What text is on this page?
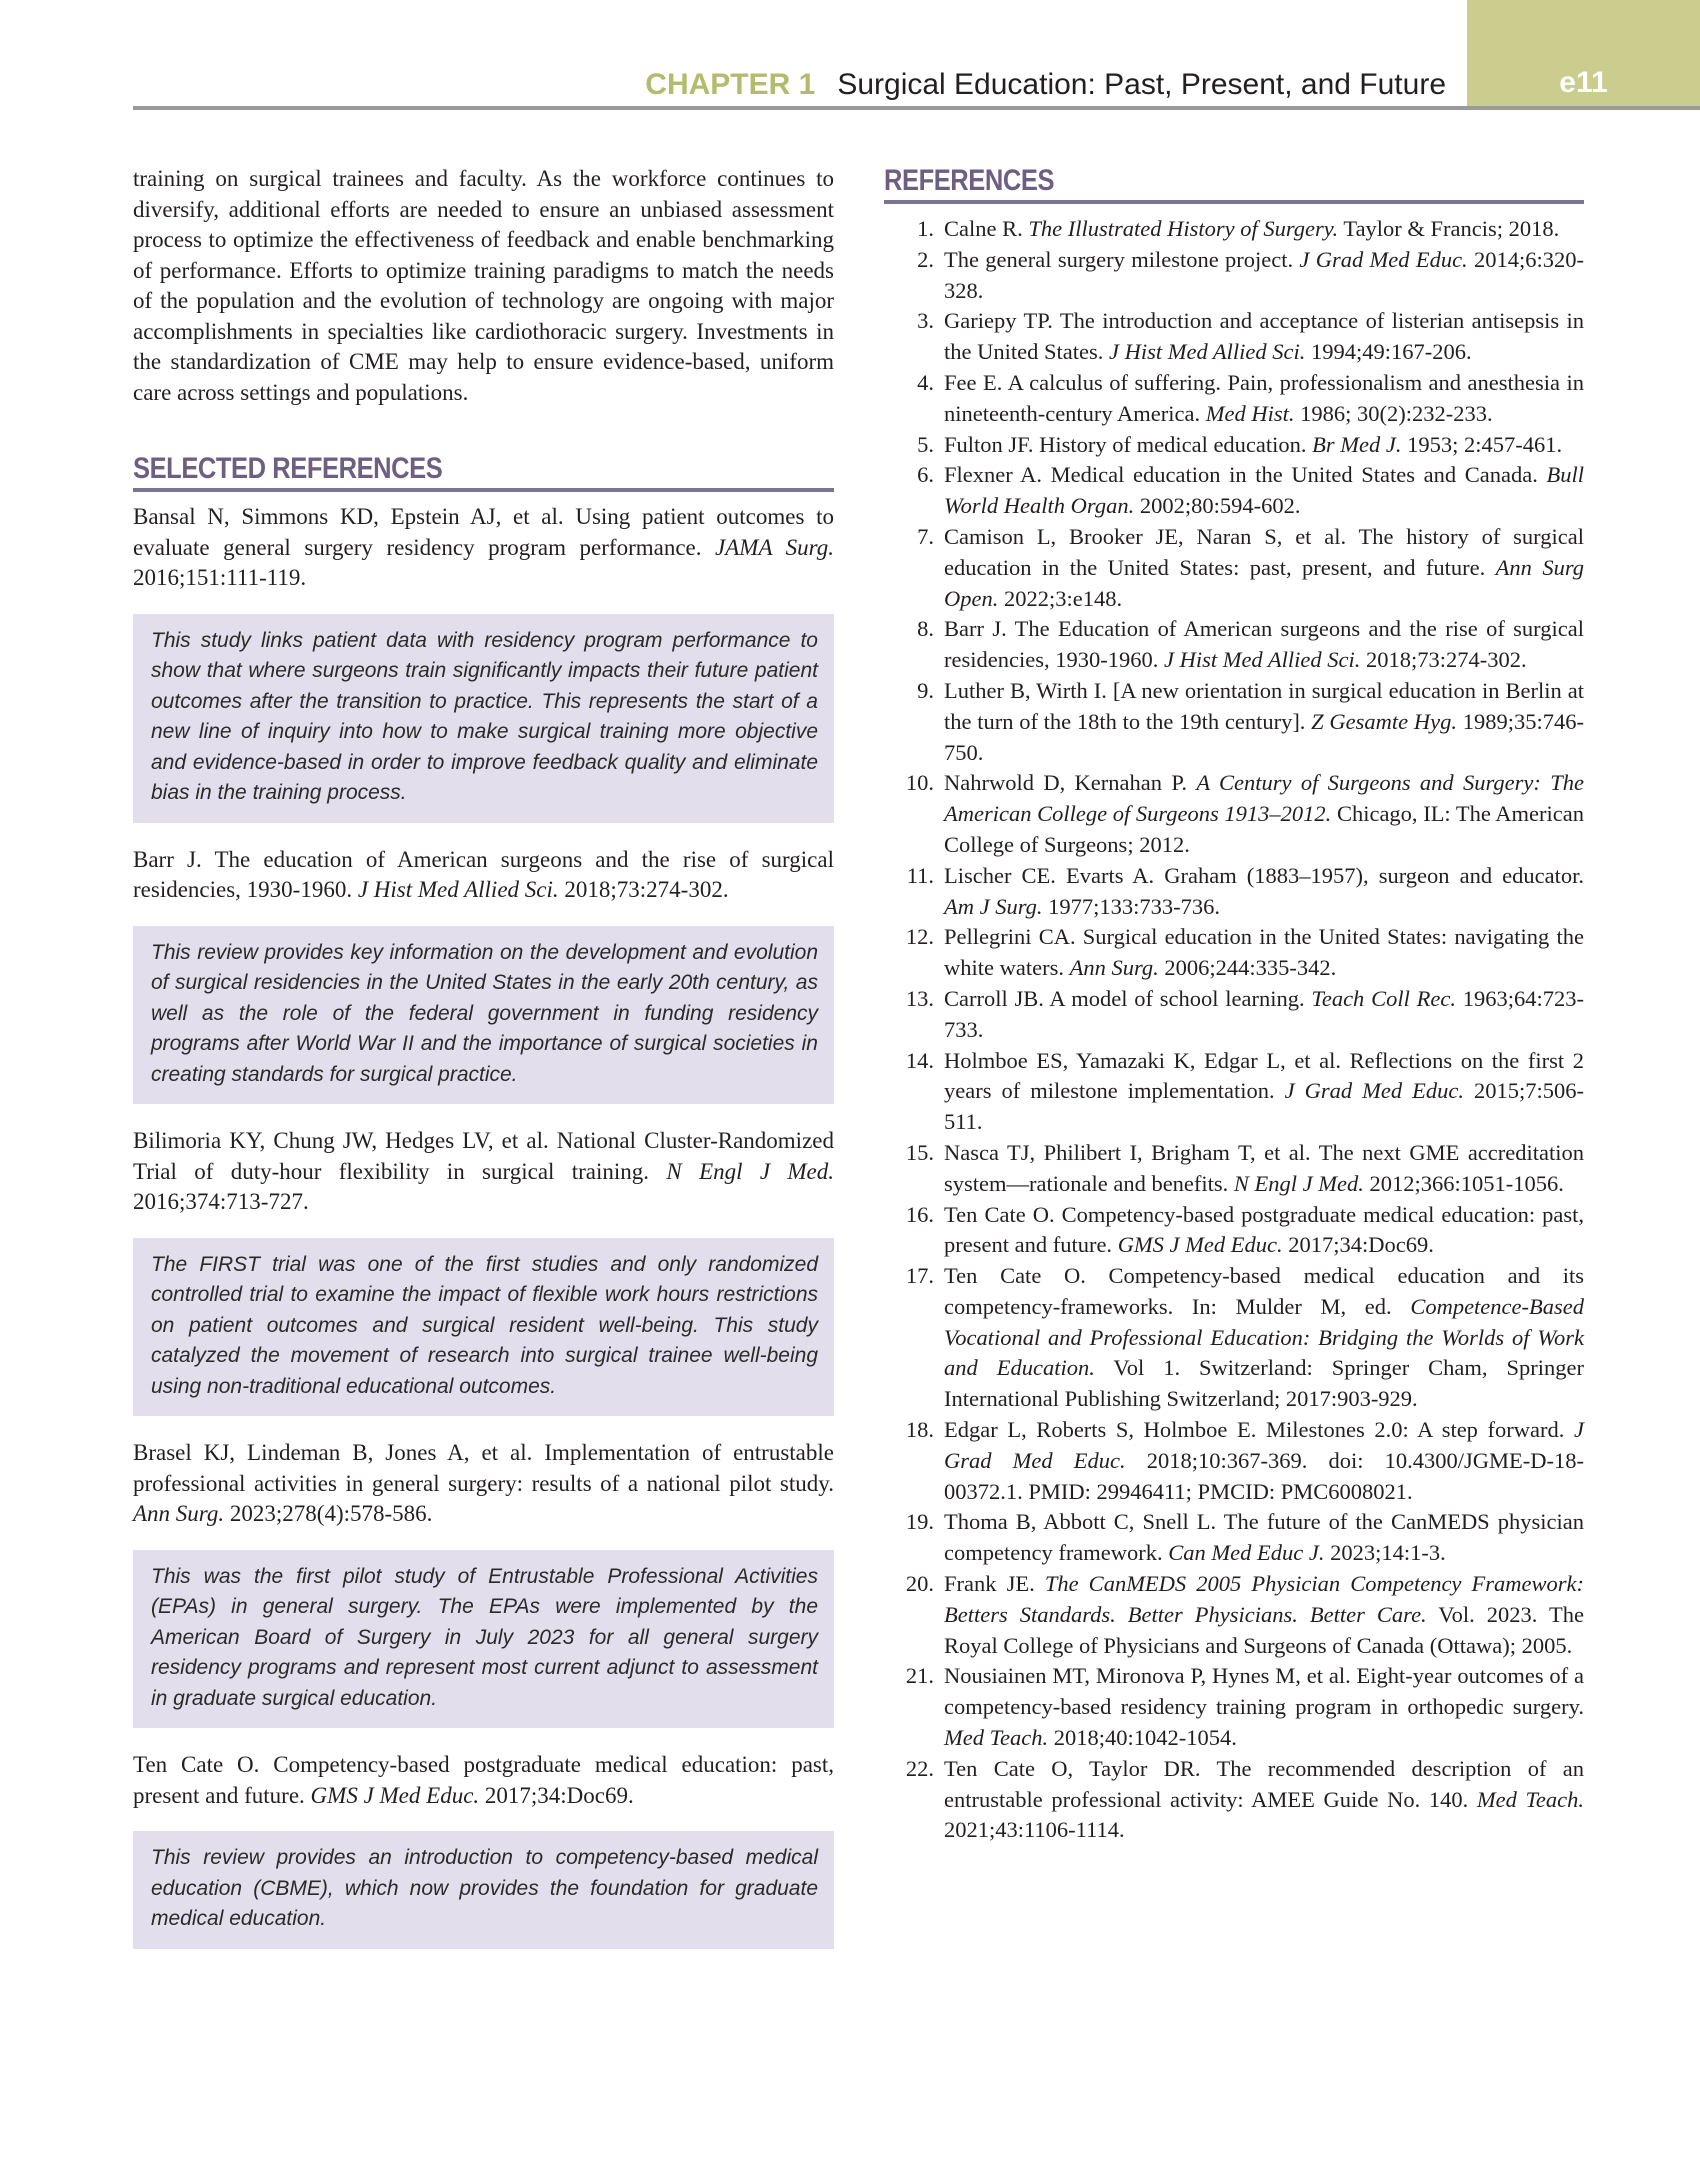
e11
CHAPTER 1 Surgical Education: Past, Present, and Future

training on surgical trainees and faculty. As the workforce continues to diversify, additional efforts are needed to ensure an unbiased assessment process to optimize the effectiveness of feedback and enable benchmarking of performance. Efforts to optimize training paradigms to match the needs of the population and the evolution of technology are ongoing with major accomplishments in specialties like cardiothoracic surgery. Investments in the standardization of CME may help to ensure evidence-based, uniform care across settings and populations.

SELECTED REFERENCES

Bansal N, Simmons KD, Epstein AJ, et al. Using patient outcomes to evaluate general surgery residency program performance. JAMA Surg. 2016;151:111-119.

This study links patient data with residency program performance to show that where surgeons train significantly impacts their future patient outcomes after the transition to practice. This represents the start of a new line of inquiry into how to make surgical training more objective and evidence-based in order to improve feedback quality and eliminate bias in the training process.

Barr J. The education of American surgeons and the rise of surgical residencies, 1930-1960. J Hist Med Allied Sci. 2018;73:274-302.

This review provides key information on the development and evolution of surgical residencies in the United States in the early 20th century, as well as the role of the federal government in funding residency programs after World War II and the importance of surgical societies in creating standards for surgical practice.

Bilimoria KY, Chung JW, Hedges LV, et al. National Cluster-Randomized Trial of duty-hour flexibility in surgical training. N Engl J Med. 2016;374:713-727.

The FIRST trial was one of the first studies and only randomized controlled trial to examine the impact of flexible work hours restrictions on patient outcomes and surgical resident well-being. This study catalyzed the movement of research into surgical trainee well-being using non-traditional educational outcomes.

Brasel KJ, Lindeman B, Jones A, et al. Implementation of entrustable professional activities in general surgery: results of a national pilot study. Ann Surg. 2023;278(4):578-586.

This was the first pilot study of Entrustable Professional Activities (EPAs) in general surgery. The EPAs were implemented by the American Board of Surgery in July 2023 for all general surgery residency programs and represent most current adjunct to assessment in graduate surgical education.

Ten Cate O. Competency-based postgraduate medical education: past, present and future. GMS J Med Educ. 2017;34:Doc69.

This review provides an introduction to competency-based medical education (CBME), which now provides the foundation for graduate medical education.
REFERENCES
1. Calne R. The Illustrated History of Surgery. Taylor & Francis; 2018.
2. The general surgery milestone project. J Grad Med Educ. 2014;6:320-328.
3. Gariepy TP. The introduction and acceptance of listerian antisepsis in the United States. J Hist Med Allied Sci. 1994;49:167-206.
4. Fee E. A calculus of suffering. Pain, professionalism and anesthesia in nineteenth-century America. Med Hist. 1986; 30(2):232-233.
5. Fulton JF. History of medical education. Br Med J. 1953; 2:457-461.
6. Flexner A. Medical education in the United States and Canada. Bull World Health Organ. 2002;80:594-602.
7. Camison L, Brooker JE, Naran S, et al. The history of surgical education in the United States: past, present, and future. Ann Surg Open. 2022;3:e148.
8. Barr J. The Education of American surgeons and the rise of surgical residencies, 1930-1960. J Hist Med Allied Sci. 2018;73:274-302.
9. Luther B, Wirth I. [A new orientation in surgical education in Berlin at the turn of the 18th to the 19th century]. Z Gesamte Hyg. 1989;35:746-750.
10. Nahrwold D, Kernahan P. A Century of Surgeons and Surgery: The American College of Surgeons 1913–2012. Chicago, IL: The American College of Surgeons; 2012.
11. Lischer CE. Evarts A. Graham (1883–1957), surgeon and educator. Am J Surg. 1977;133:733-736.
12. Pellegrini CA. Surgical education in the United States: navigating the white waters. Ann Surg. 2006;244:335-342.
13. Carroll JB. A model of school learning. Teach Coll Rec. 1963;64:723-733.
14. Holmboe ES, Yamazaki K, Edgar L, et al. Reflections on the first 2 years of milestone implementation. J Grad Med Educ. 2015;7:506-511.
15. Nasca TJ, Philibert I, Brigham T, et al. The next GME accreditation system—rationale and benefits. N Engl J Med. 2012;366:1051-1056.
16. Ten Cate O. Competency-based postgraduate medical education: past, present and future. GMS J Med Educ. 2017;34:Doc69.
17. Ten Cate O. Competency-based medical education and its competency-frameworks. In: Mulder M, ed. Competence-Based Vocational and Professional Education: Bridging the Worlds of Work and Education. Vol 1. Switzerland: Springer Cham, Springer International Publishing Switzerland; 2017:903-929.
18. Edgar L, Roberts S, Holmboe E. Milestones 2.0: A step forward. J Grad Med Educ. 2018;10:367-369. doi: 10.4300/JGME-D-18-00372.1. PMID: 29946411; PMCID: PMC6008021.
19. Thoma B, Abbott C, Snell L. The future of the CanMEDS physician competency framework. Can Med Educ J. 2023;14:1-3.
20. Frank JE. The CanMEDS 2005 Physician Competency Framework: Betters Standards. Better Physicians. Better Care. Vol. 2023. The Royal College of Physicians and Surgeons of Canada (Ottawa); 2005.
21. Nousiainen MT, Mironova P, Hynes M, et al. Eight-year outcomes of a competency-based residency training program in orthopedic surgery. Med Teach. 2018;40:1042-1054.
22. Ten Cate O, Taylor DR. The recommended description of an entrustable professional activity: AMEE Guide No. 140. Med Teach. 2021;43:1106-1114.
